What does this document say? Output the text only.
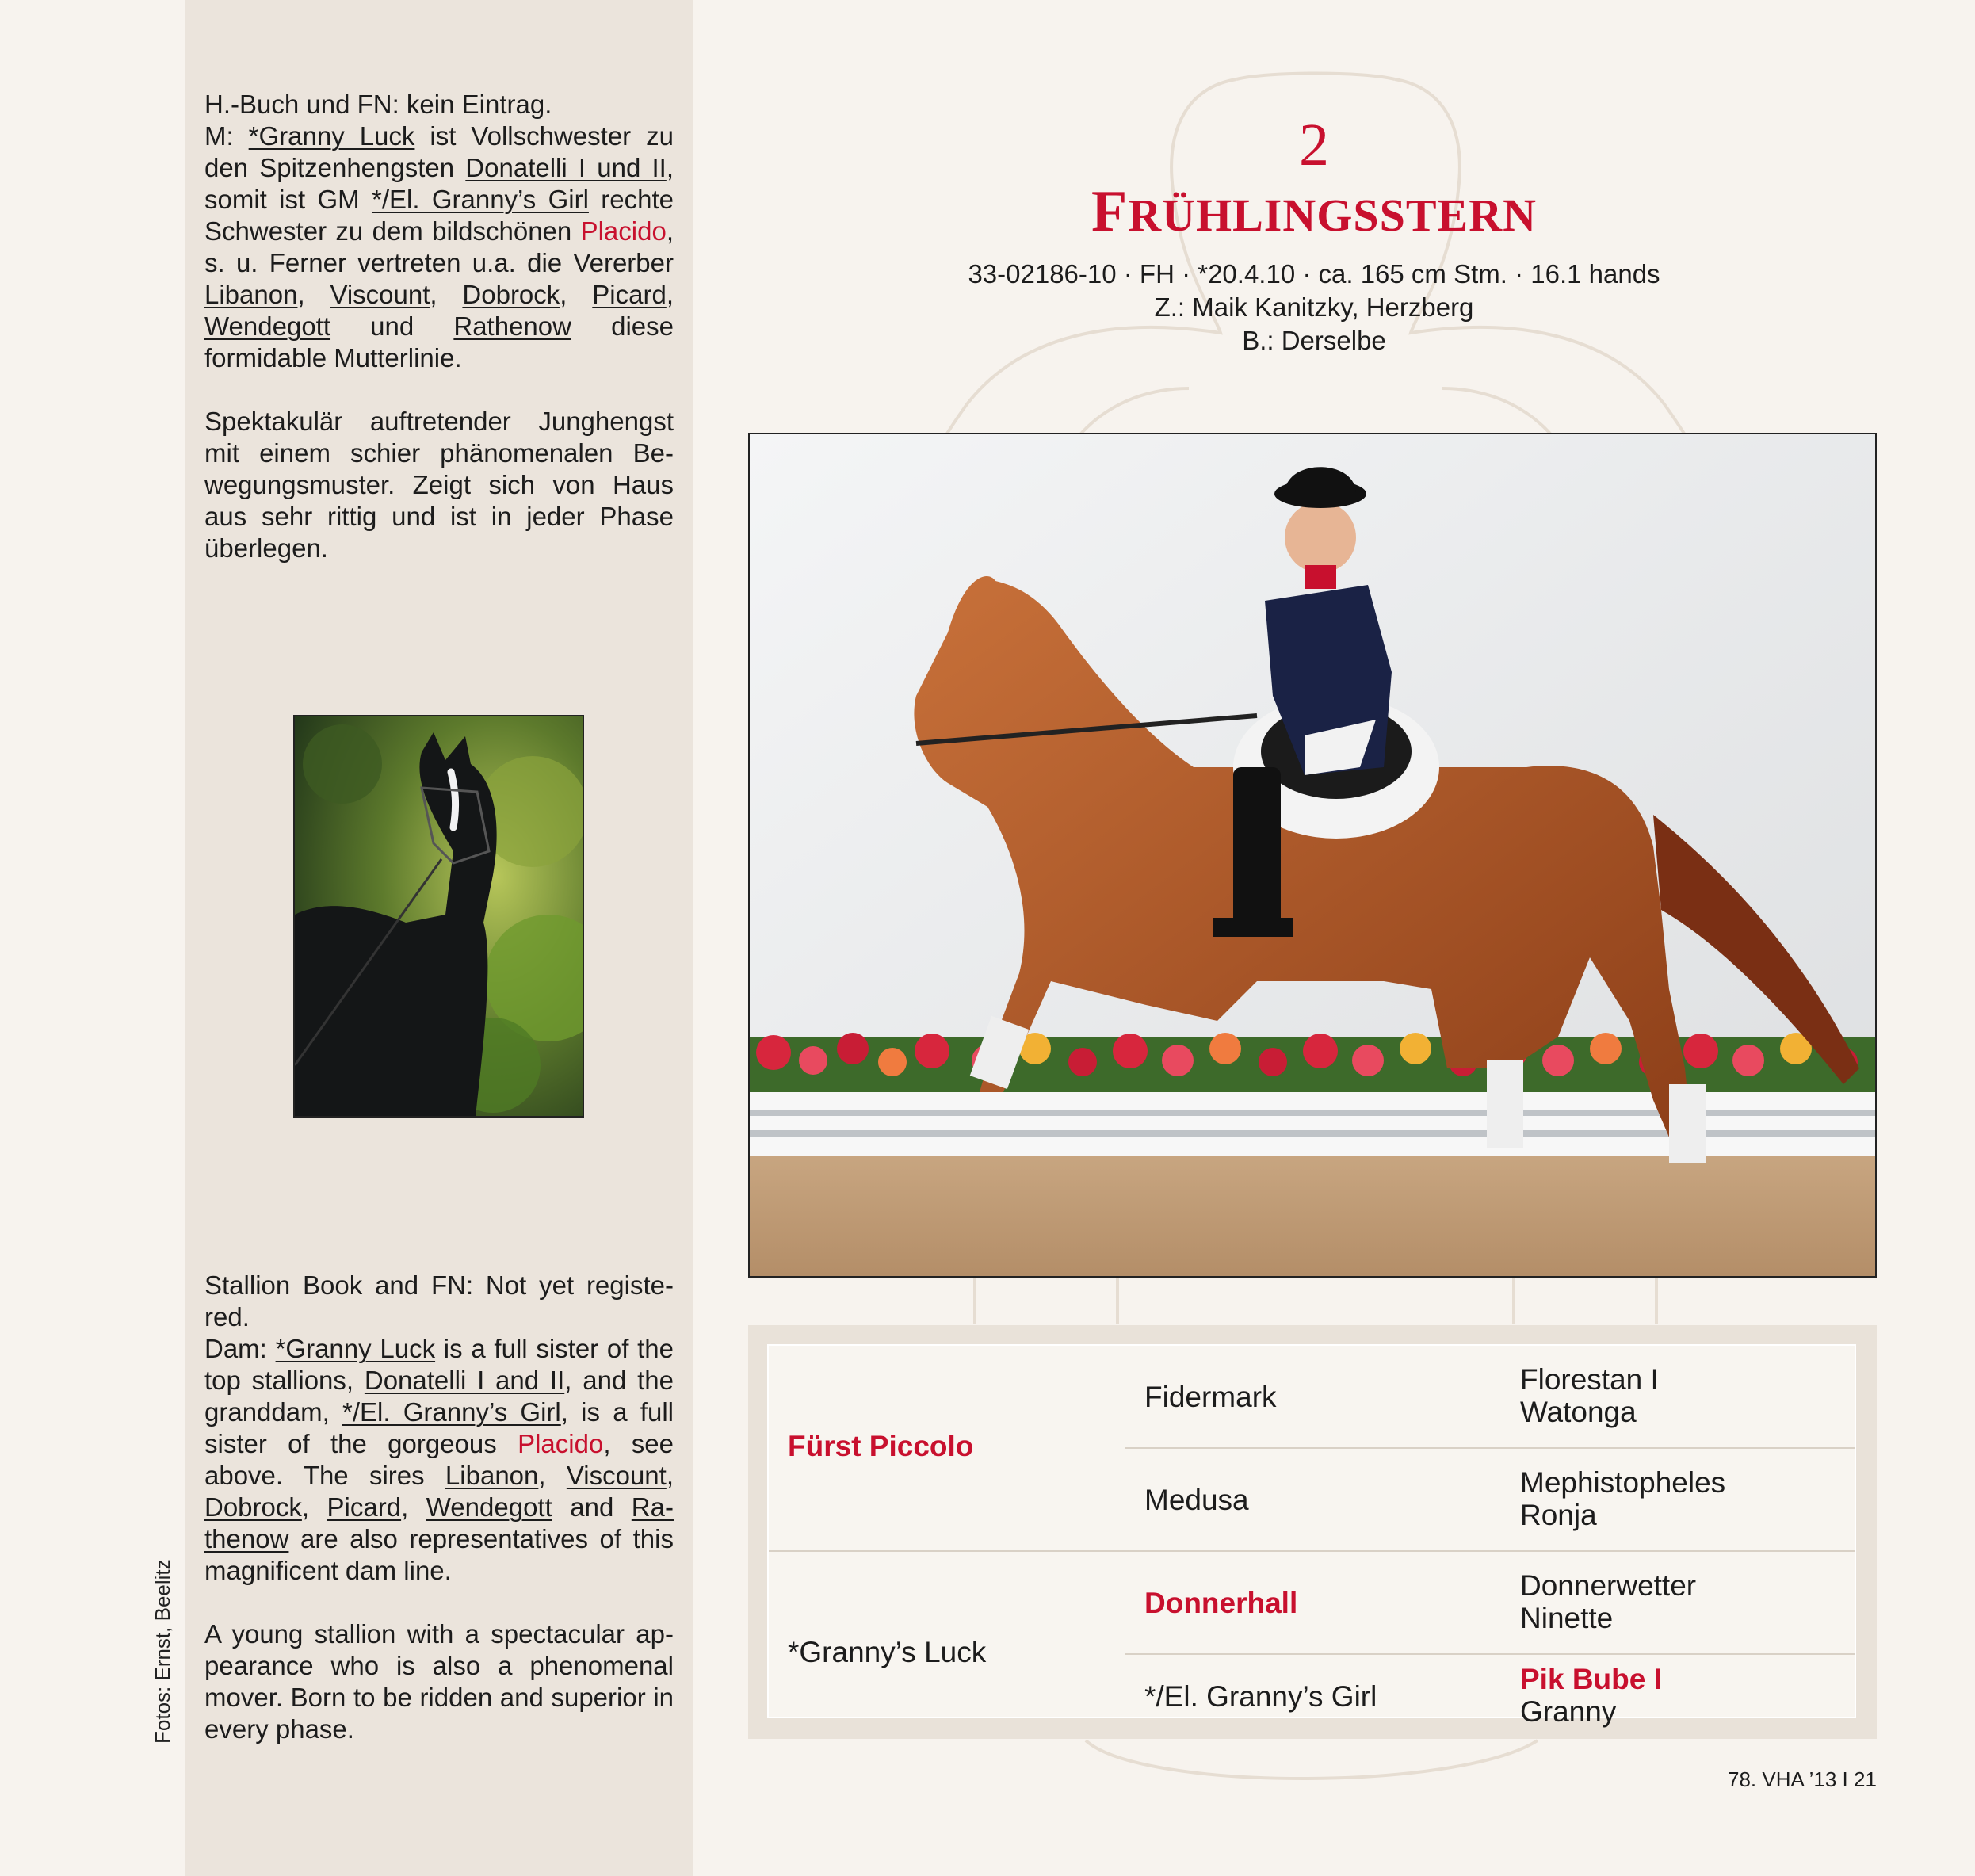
H.-Buch und FN: kein Eintrag.
M: *Granny Luck ist Vollschwester zu den Spitzenhengsten Donatelli I und II, somit ist GM */El. Granny’s Girl rechte Schwester zu dem bildschönen Placido, s. u. Ferner vertreten u.a. die Vererber Libanon, Viscount, Dobrock, Picard, Wendegott und Rathenow diese formidable Mutterlinie.

Spektakulär auftretender Junghengst mit einem schier phänomenalen Bewegungsmuster. Zeigt sich von Haus aus sehr rittig und ist in jeder Phase überlegen.

Stallion Book and FN: Not yet registered.
Dam: *Granny Luck is a full sister of the top stallions, Donatelli I and II, and the granddam, */El. Granny’s Girl, is a full sister of the gorgeous Placido, see above. The sires Libanon, Viscount, Dobrock, Picard, Wendegott and Rathenow are also representatives of this magnificent dam line.

A young stallion with a spectacular appearance who is also a phenomenal mover. Born to be ridden and superior in every phase.

Fotos: Ernst, Beelitz
2
FRÜHLINGSSTERN
33-02186-10 · FH · *20.4.10 · ca. 165 cm Stm. · 16.1 hands
Z.: Maik Kanitzky, Herzberg
B.: Derselbe
Fürst Piccolo
*Granny’s Luck
Fidermark
Medusa
Donnerhall
*/El. Granny’s Girl
Florestan I
Watonga
Mephistopheles
Ronja
Donnerwetter
Ninette
Pik Bube I
Granny
78. VHA ’13 I 21
